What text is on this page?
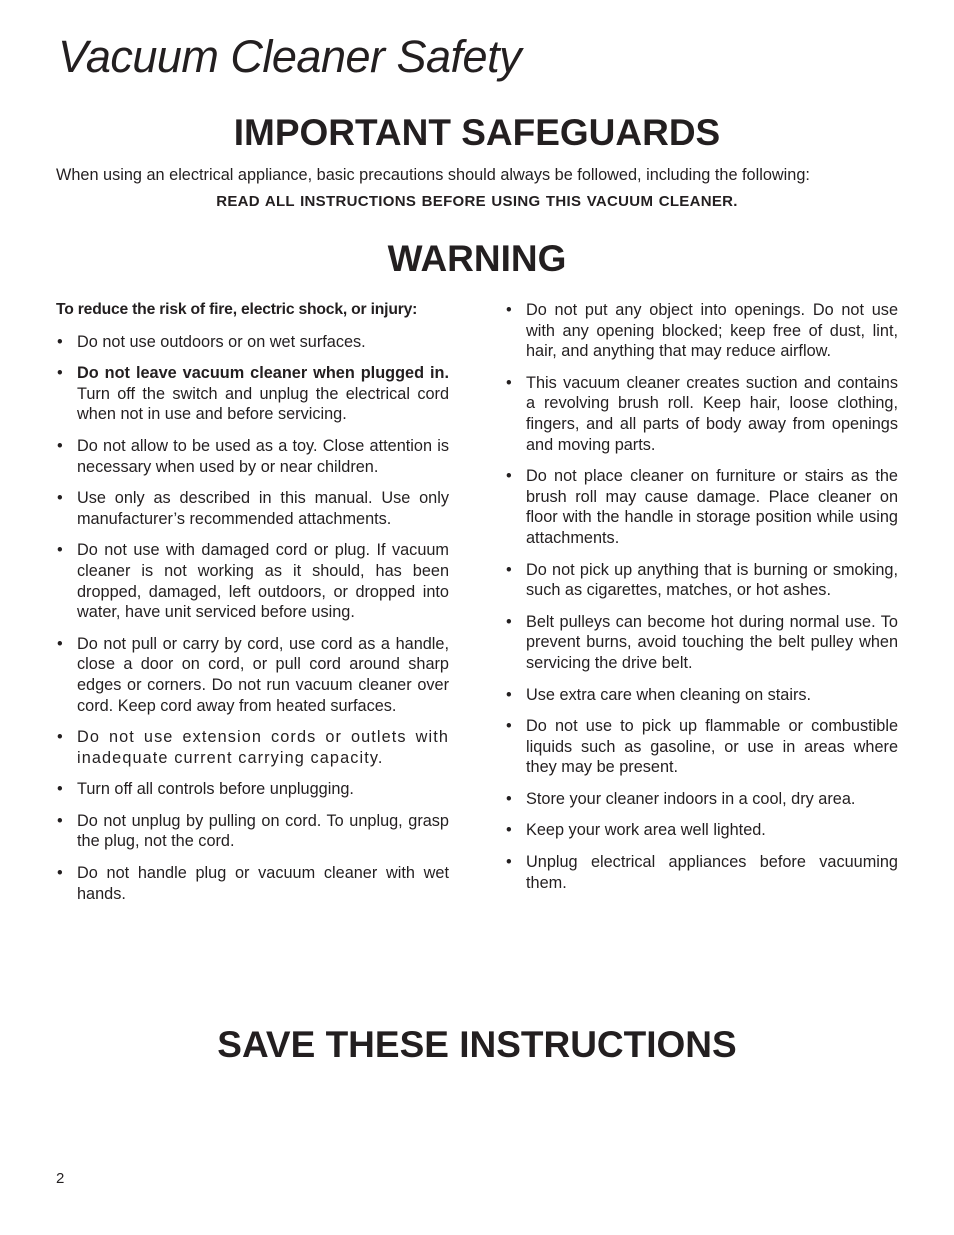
Vacuum Cleaner Safety
IMPORTANT SAFEGUARDS

When using an electrical appliance, basic precautions should always be followed, including the following:

READ ALL INSTRUCTIONS BEFORE USING THIS VACUUM CLEANER.

WARNING

To reduce the risk of fire, electric shock, or injury:

• Do not use outdoors or on wet surfaces.
• Do not leave vacuum cleaner when plugged in. Turn off the switch and unplug the electrical cord when not in use and before servicing.
• Do not allow to be used as a toy. Close attention is necessary when used by or near children.
• Use only as described in this manual. Use only manufacturer’s recommended attachments.
• Do not use with damaged cord or plug. If vacuum cleaner is not working as it should, has been dropped, damaged, left outdoors, or dropped into water, have unit serviced before using.
• Do not pull or carry by cord, use cord as a handle, close a door on cord, or pull cord around sharp edges or corners. Do not run vacuum cleaner over cord. Keep cord away from heated surfaces.
• Do not use extension cords or outlets with inadequate current carrying capacity.
• Turn off all controls before unplugging.
• Do not unplug by pulling on cord. To unplug, grasp the plug, not the cord.
• Do not handle plug or vacuum cleaner with wet hands.
• Do not put any object into openings. Do not use with any opening blocked; keep free of dust, lint, hair, and anything that may reduce airflow.
• This vacuum cleaner creates suction and contains a revolving brush roll. Keep hair, loose clothing, fingers, and all parts of body away from openings and moving parts.
• Do not place cleaner on furniture or stairs as the brush roll may cause damage. Place cleaner on floor with the handle in storage position while using attachments.
• Do not pick up anything that is burning or smoking, such as cigarettes, matches, or hot ashes.
• Belt pulleys can become hot during normal use. To prevent burns, avoid touching the belt pulley when servicing the drive belt.
• Use extra care when cleaning on stairs.
• Do not use to pick up flammable or combustible liquids such as gasoline, or use in areas where they may be present.
• Store your cleaner indoors in a cool, dry area.
• Keep your work area well lighted.
• Unplug electrical appliances before vacuuming them.
SAVE THESE INSTRUCTIONS

2
